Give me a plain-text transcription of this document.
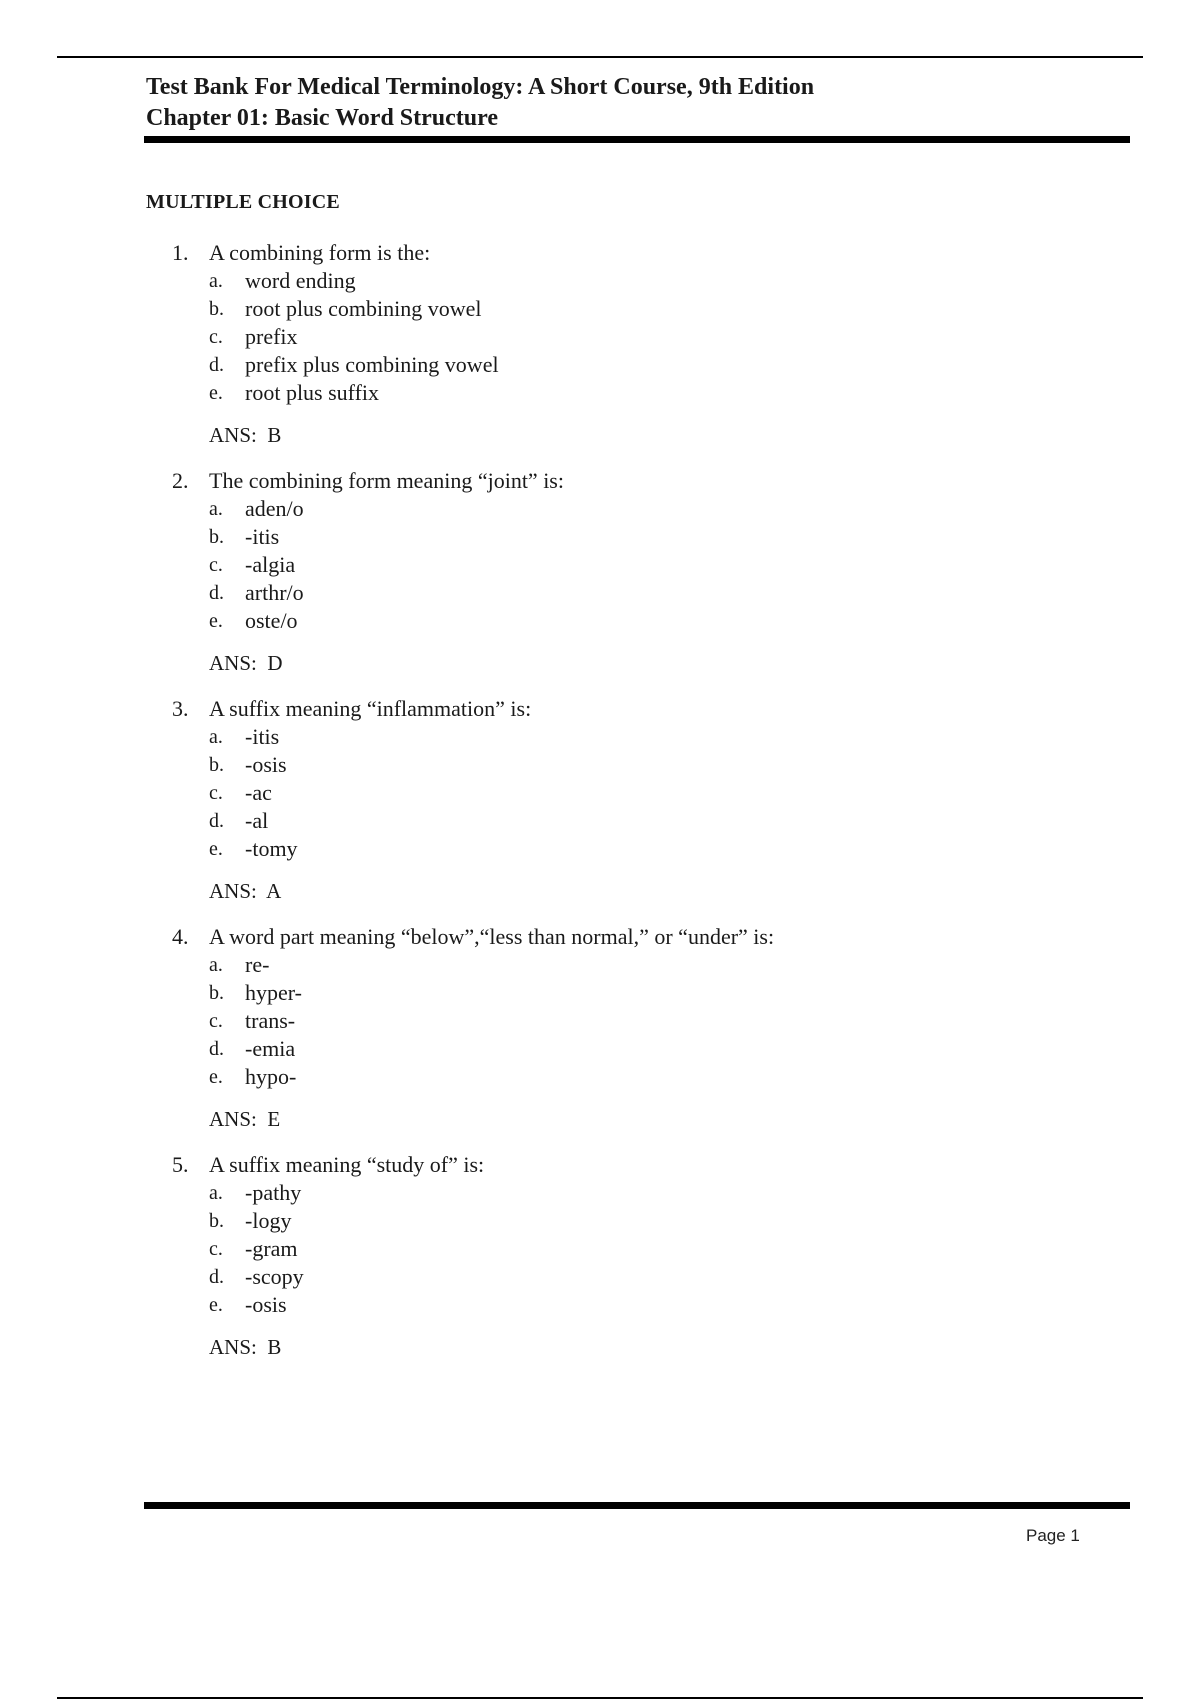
Test Bank For Medical Terminology: A Short Course, 9th Edition
Chapter 01: Basic Word Structure
MULTIPLE CHOICE
1. A combining form is the:
a.	word ending
b. root plus combining vowel
c.	prefix
d. prefix plus combining vowel
e.	root plus suffix
ANS:  B
2. The combining form meaning “joint” is:
a.	aden/o
b. -itis
c.	-algia
d. arthr/o
e.	oste/o
ANS:  D
3. A suffix meaning “inflammation” is:
a.	-itis
b. -osis
c.	-ac
d. -al
e.	-tomy
ANS:  A
4. A word part meaning “below”,“less than normal,” or “under” is:
a.	re-
b. hyper-
c.	trans-
d. -emia
e.	hypo-
ANS:  E
5. A suffix meaning “study of” is:
a.	-pathy
b. -logy
c.	-gram
d. -scopy
e.	-osis
ANS:  B
Page 1
